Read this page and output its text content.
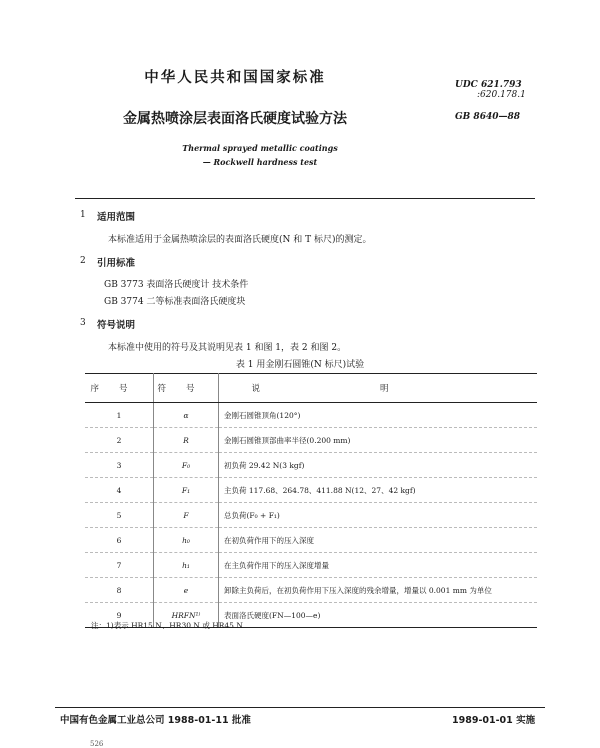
中华人民共和国国家标准	UDC 621.793
:620.178.1
金属热喷涂层表面洛氏硬度试验方法	GB 8640—88
Thermal sprayed metallic coatings
— Rockwell hardness test
1 适用范围
本标准适用于金属热喷涂层的表面洛氏硬度(N 和 T 标尺)的测定。
2 引用标准
GB 3773 表面洛氏硬度计 技术条件
GB 3774 二等标准表面洛氏硬度块
3 符号说明
本标准中使用的符号及其说明见表 1 和图 1，表 2 和图 2。
表 1 用金刚石圆锥(N 标尺)试验
序号	符号	说明
1	α	金刚石圆锥顶角(120°)
2	R	金刚石圆锥顶部曲率半径(0.200 mm)
3	F₀	初负荷 29.42 N(3 kgf)
4	F₁	主负荷 117.68、264.78、411.88 N(12、27、42 kgf)
5	F	总负荷(F₀ + F₁)
6	h₀	在初负荷作用下的压入深度
7	h₁	在主负荷作用下的压入深度增量
8	e	卸除主负荷后，在初负荷作用下压入深度的残余增量，增量以 0.001 mm 为单位
9	HRFN¹⁾	表面洛氏硬度(FN—100—e)
注：1)表示 HR15 N、HR30 N 或 HR45 N
中国有色金属工业总公司 1988-01-11 批准	1989-01-01 实施
526
